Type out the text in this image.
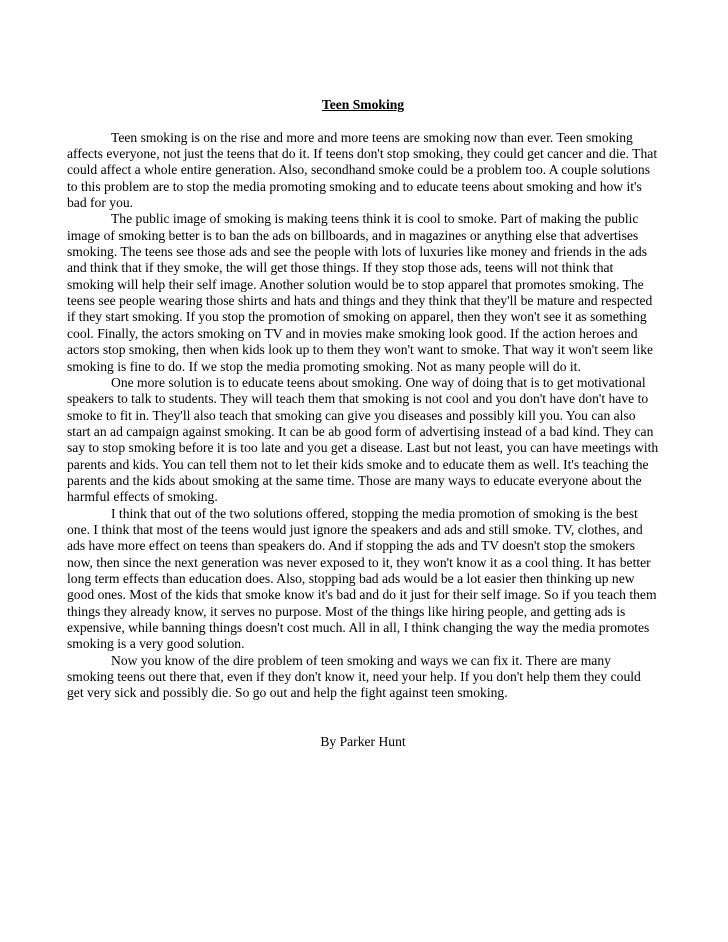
Teen Smoking

Teen smoking is on the rise and more and more teens are smoking now than ever. Teen smoking affects everyone, not just the teens that do it. If teens don't stop smoking, they could get cancer and die. That could affect a whole entire generation. Also, secondhand smoke could be a problem too. A couple solutions to this problem are to stop the media promoting smoking and to educate teens about smoking and how it's bad for you.

The public image of smoking is making teens think it is cool to smoke. Part of making the public image of smoking better is to ban the ads on billboards, and in magazines or anything else that advertises smoking. The teens see those ads and see the people with lots of luxuries like money and friends in the ads and think that if they smoke, the will get those things. If they stop those ads, teens will not think that smoking will help their self image. Another solution would be to stop apparel that promotes smoking. The teens see people wearing those shirts and hats and things and they think that they'll be mature and respected if they start smoking. If you stop the promotion of smoking on apparel, then they won't see it as something cool. Finally, the actors smoking on TV and in movies make smoking look good. If the action heroes and actors stop smoking, then when kids look up to them they won't want to smoke. That way it won't seem like smoking is fine to do. If we stop the media promoting smoking. Not as many people will do it.

One more solution is to educate teens about smoking. One way of doing that is to get motivational speakers to talk to students. They will teach them that smoking is not cool and you don't have don't have to smoke to fit in. They'll also teach that smoking can give you diseases and possibly kill you. You can also start an ad campaign against smoking. It can be ab good form of advertising instead of a bad kind. They can say to stop smoking before it is too late and you get a disease. Last but not least, you can have meetings with parents and kids. You can tell them not to let their kids smoke and to educate them as well. It's teaching the parents and the kids about smoking at the same time. Those are many ways to educate everyone about the harmful effects of smoking.

I think that out of the two solutions offered, stopping the media promotion of smoking is the best one. I think that most of the teens would just ignore the speakers and ads and still smoke. TV, clothes, and ads have more effect on teens than speakers do. And if stopping the ads and TV doesn't stop the smokers now, then since the next generation was never exposed to it, they won't know it as a cool thing. It has better long term effects than education does. Also, stopping bad ads would be a lot easier then thinking up new good ones. Most of the kids that smoke know it's bad and do it just for their self image. So if you teach them things they already know, it serves no purpose. Most of the things like hiring people, and getting ads is expensive, while banning things doesn't cost much. All in all, I think changing the way the media promotes smoking is a very good solution.

Now you know of the dire problem of teen smoking and ways we can fix it. There are many smoking teens out there that, even if they don't know it, need your help. If you don't help them they could get very sick and possibly die. So go out and help the fight against teen smoking.

By Parker Hunt
